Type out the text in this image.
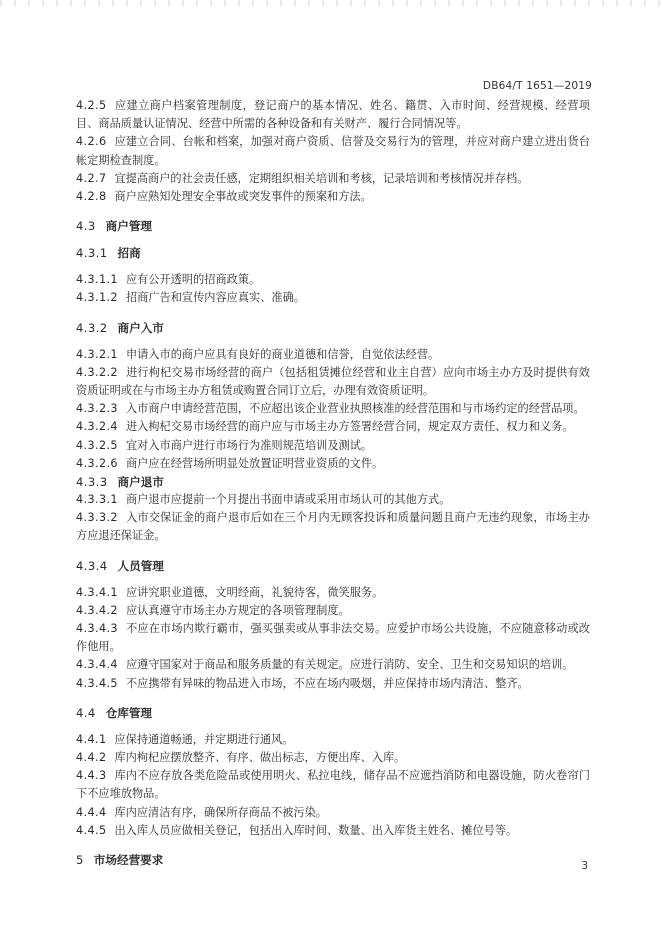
DB64/T 1651—2019

4.2.5 应建立商户档案管理制度，登记商户的基本情况、姓名、籍贯、入市时间、经营规模、经营项目、商品质量认证情况、经营中所需的各种设备和有关财产、履行合同情况等。

4.2.6 应建立合同、台帐和档案，加强对商户资质、信誉及交易行为的管理，并应对商户建立进出货台帐定期检查制度。

4.2.7 宜提高商户的社会责任感，定期组织相关培训和考核，记录培训和考核情况并存档。

4.2.8 商户应熟知处理安全事故或突发事件的预案和方法。

4.3 商户管理

4.3.1 招商

4.3.1.1 应有公开透明的招商政策。

4.3.1.2 招商广告和宣传内容应真实、准确。

4.3.2 商户入市

4.3.2.1 申请入市的商户应具有良好的商业道德和信誉，自觉依法经营。

4.3.2.2 进行枸杞交易市场经营的商户（包括租赁摊位经营和业主自营）应向市场主办方及时提供有效资质证明或在与市场主办方租赁或购置合同订立后，办理有效资质证明。

4.3.2.3 入市商户申请经营范围，不应超出该企业营业执照核准的经营范围和与市场约定的经营品项。

4.3.2.4 进入枸杞交易市场经营的商户应与市场主办方签署经营合同，规定双方责任、权力和义务。

4.3.2.5 宜对入市商户进行市场行为准则规范培训及测试。

4.3.2.6 商户应在经营场所明显处放置证明营业资质的文件。

4.3.3 商户退市

4.3.3.1 商户退市应提前一个月提出书面申请或采用市场认可的其他方式。

4.3.3.2 入市交保证金的商户退市后如在三个月内无顾客投诉和质量问题且商户无违约现象，市场主办方应退还保证金。

4.3.4 人员管理

4.3.4.1 应讲究职业道德，文明经商，礼貌待客，微笑服务。

4.3.4.2 应认真遵守市场主办方规定的各项管理制度。

4.3.4.3 不应在市场内欺行霸市，强买强卖或从事非法交易。应爱护市场公共设施，不应随意移动或改作他用。

4.3.4.4 应遵守国家对于商品和服务质量的有关规定。应进行消防、安全、卫生和交易知识的培训。

4.3.4.5 不应携带有异味的物品进入市场，不应在场内吸烟，并应保持市场内清洁、整齐。

4.4 仓库管理

4.4.1 应保持通道畅通，并定期进行通风。

4.4.2 库内枸杞应摆放整齐、有序、做出标志，方便出库、入库。

4.4.3 库内不应存放各类危险品或使用明火、私拉电线，储存品不应遮挡消防和电器设施，防火卷帘门下不应堆放物品。

4.4.4 库内应清洁有序，确保所存商品不被污染。

4.4.5 出入库人员应做相关登记，包括出入库时间、数量、出入库货主姓名、摊位号等。

5 市场经营要求	3
